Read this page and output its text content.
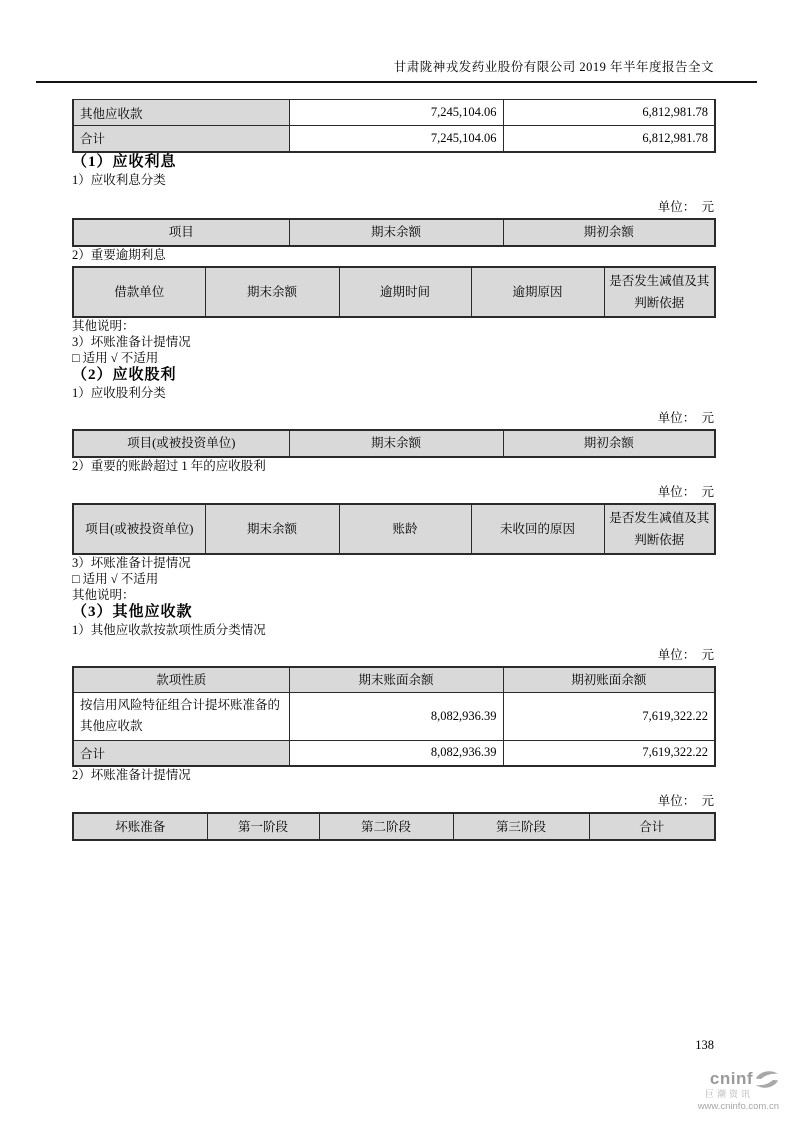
甘肃陇神戎发药业股份有限公司 2019 年半年度报告全文
其他应收款	7,245,104.06	6,812,981.78
合计	7,245,104.06	6,812,981.78
（1）应收利息

1）应收利息分类

单位：　元
项目	期末余额	期初余额

2）重要逾期利息

借款单位	期末余额	逾期时间	逾期原因	是否发生减值及其判断依据

其他说明：

3）坏账准备计提情况

□ 适用 √ 不适用

（2）应收股利

1）应收股利分类

单位：　元
项目(或被投资单位)	期末余额	期初余额

2）重要的账龄超过 1 年的应收股利

单位：　元
项目(或被投资单位)	期末余额	账龄	未收回的原因	是否发生减值及其判断依据

3）坏账准备计提情况

□ 适用 √ 不适用

其他说明：

（3）其他应收款

1）其他应收款按款项性质分类情况

单位：　元
款项性质	期末账面余额	期初账面余额
按信用风险特征组合计提坏账准备的其他应收款	8,082,936.39	7,619,322.22
合计	8,082,936.39	7,619,322.22

2）坏账准备计提情况

单位：　元
坏账准备	第一阶段	第二阶段	第三阶段	合计
138
cninf
巨潮资讯
www.cninfo.com.cn
